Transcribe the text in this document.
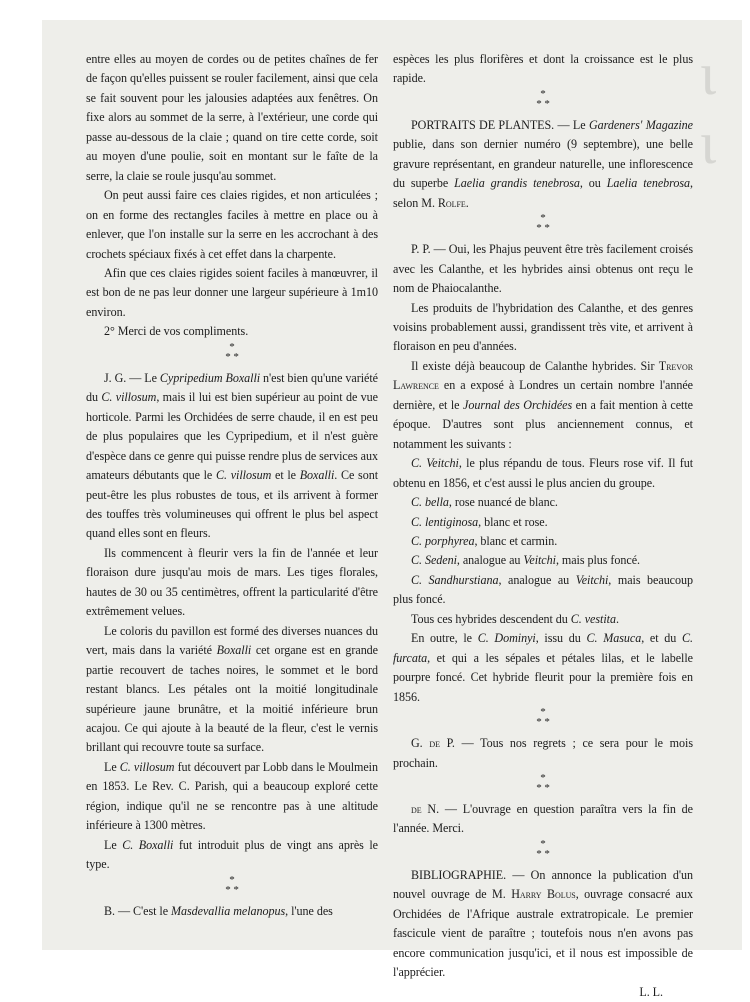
ι ι

entre elles au moyen de cordes ou de petites chaînes de fer de façon qu'elles puissent se rouler facilement, ainsi que cela se fait souvent pour les jalousies adaptées aux fenêtres. On fixe alors au sommet de la serre, à l'extérieur, une corde qui passe au-dessous de la claie ; quand on tire cette corde, soit au moyen d'une poulie, soit en montant sur le faîte de la serre, la claie se roule jusqu'au sommet.

On peut aussi faire ces claies rigides, et non articulées ; on en forme des rectangles faciles à mettre en place ou à enlever, que l'on installe sur la serre en les accrochant à des crochets spéciaux fixés à cet effet dans la charpente.

Afin que ces claies rigides soient faciles à manœuvrer, il est bon de ne pas leur donner une largeur supérieure à 1m10 environ.

2° Merci de vos compliments.

*
* *

J. G. — Le Cypripedium Boxalli n'est bien qu'une variété du C. villosum, mais il lui est bien supérieur au point de vue horticole. Parmi les Orchidées de serre chaude, il en est peu de plus populaires que les Cypripedium, et il n'est guère d'espèce dans ce genre qui puisse rendre plus de services aux amateurs débutants que le C. villosum et le Boxalli. Ce sont peut-être les plus robustes de tous, et ils arrivent à former des touffes très volumineuses qui offrent le plus bel aspect quand elles sont en fleurs.

Ils commencent à fleurir vers la fin de l'année et leur floraison dure jusqu'au mois de mars. Les tiges florales, hautes de 30 ou 35 centimètres, offrent la particularité d'être extrêmement velues.

Le coloris du pavillon est formé des diverses nuances du vert, mais dans la variété Boxalli cet organe est en grande partie recouvert de taches noires, le sommet et le bord restant blancs. Les pétales ont la moitié longitudinale supérieure jaune brunâtre, et la moitié inférieure brun acajou. Ce qui ajoute à la beauté de la fleur, c'est le vernis brillant qui recouvre toute sa surface.

Le C. villosum fut découvert par Lobb dans le Moulmein en 1853. Le Rev. C. Parish, qui a beaucoup exploré cette région, indique qu'il ne se rencontre pas à une altitude inférieure à 1300 mètres.

Le C. Boxalli fut introduit plus de vingt ans après le type.

*
* *

B. — C'est le Masdevallia melanopus, l'une des

espèces les plus florifères et dont la croissance est le plus rapide.

*
* *

PORTRAITS DE PLANTES. — Le Gardeners' Magazine publie, dans son dernier numéro (9 septembre), une belle gravure représentant, en grandeur naturelle, une inflorescence du superbe Laelia grandis tenebrosa, ou Laelia tenebrosa, selon M. Rolfe.

*
* *

P. P. — Oui, les Phajus peuvent être très facilement croisés avec les Calanthe, et les hybrides ainsi obtenus ont reçu le nom de Phaiocalanthe.

Les produits de l'hybridation des Calanthe, et des genres voisins probablement aussi, grandissent très vite, et arrivent à floraison en peu d'années.

Il existe déjà beaucoup de Calanthe hybrides. Sir Trevor Lawrence en a exposé à Londres un certain nombre l'année dernière, et le Journal des Orchidées en a fait mention à cette époque. D'autres sont plus anciennement connus, et notamment les suivants :

C. Veitchi, le plus répandu de tous. Fleurs rose vif. Il fut obtenu en 1856, et c'est aussi le plus ancien du groupe.

C. bella, rose nuancé de blanc.

C. lentiginosa, blanc et rose.

C. porphyrea, blanc et carmin.

C. Sedeni, analogue au Veitchi, mais plus foncé.

C. Sandhurstiana, analogue au Veitchi, mais beaucoup plus foncé.

Tous ces hybrides descendent du C. vestita.

En outre, le C. Dominyi, issu du C. Masuca, et du C. furcata, et qui a les sépales et pétales lilas, et le labelle pourpre foncé. Cet hybride fleurit pour la première fois en 1856.

*
* *

G. de P. — Tous nos regrets ; ce sera pour le mois prochain.

*
* *

de N. — L'ouvrage en question paraîtra vers la fin de l'année. Merci.

*
* *

BIBLIOGRAPHIE. — On annonce la publication d'un nouvel ouvrage de M. Harry Bolus, ouvrage consacré aux Orchidées de l'Afrique australe extratropicale. Le premier fascicule vient de paraître ; toutefois nous n'en avons pas encore communication jusqu'ici, et il nous est impossible de l'apprécier.

L. L.
